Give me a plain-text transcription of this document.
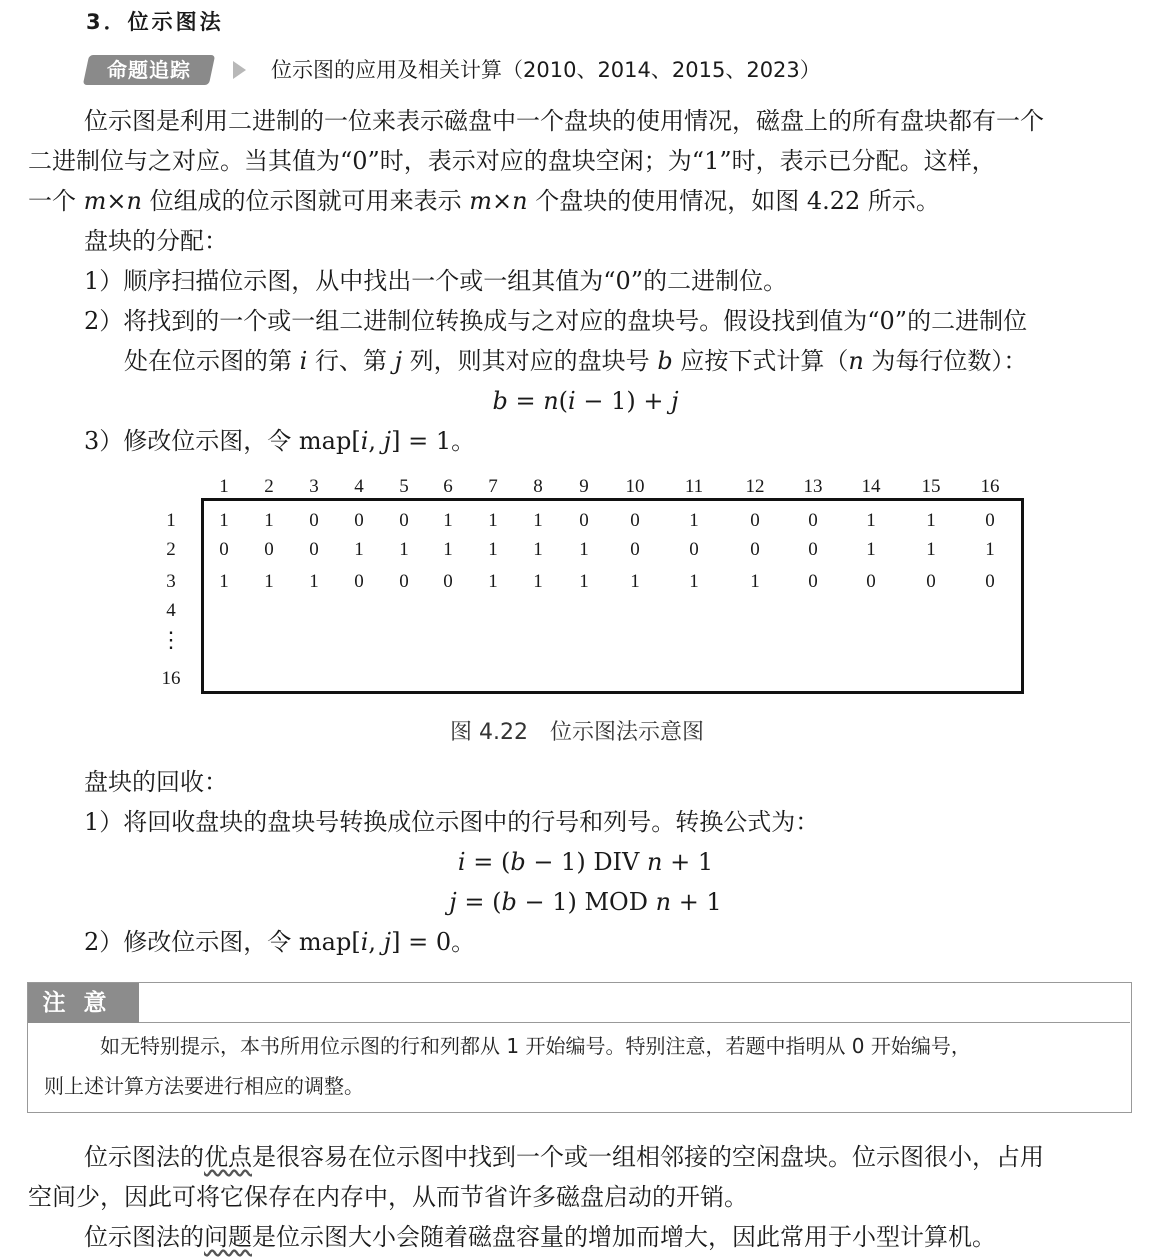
3．位示图法
命题追踪	位示图的应用及相关计算（2010、2014、2015、2023）

位示图是利用二进制的一位来表示磁盘中一个盘块的使用情况，磁盘上的所有盘块都有一个

二进制位与之对应。当其值为“0”时，表示对应的盘块空闲；为“1”时，表示已分配。这样，

一个 m×n 位组成的位示图就可用来表示 m×n 个盘块的使用情况，如图 4.22 所示。

盘块的分配：

1）顺序扫描位示图，从中找出一个或一组其值为“0”的二进制位。

2）将找到的一个或一组二进制位转换成与之对应的盘块号。假设找到值为“0”的二进制位

处在位示图的第 i 行、第 j 列，则其对应的盘块号 b 应按下式计算（n 为每行位数）：

b = n(i − 1) + j

3）修改位示图，令 map[i, j] = 1。

1	2	3	4	5	6	7	8	9	10	11	12 13 14 15 16
1	1	1	0	0	0	1	1	1	0	0	1	0	0	1	1	0
2	0	0	0	1	1	1	1	1	1	0	0	0	0	1	1	1
3	1	1	1	0	0	0	1	1	1	1	1	1	0	0	0	0
4
⋮
16
图 4.22　位示图法示意图

盘块的回收：

1）将回收盘块的盘块号转换成位示图中的行号和列号。转换公式为：

i = (b − 1) DIV n + 1

j = (b − 1) MOD n + 1

2）修改位示图，令 map[i, j] = 0。

注意
如无特别提示，本书所用位示图的行和列都从 1 开始编号。特别注意，若题中指明从 0 开始编号，
则上述计算方法要进行相应的调整。

位示图法的优点是很容易在位示图中找到一个或一组相邻接的空闲盘块。位示图很小，占用

空间少，因此可将它保存在内存中，从而节省许多磁盘启动的开销。

位示图法的问题是位示图大小会随着磁盘容量的增加而增大，因此常用于小型计算机。
